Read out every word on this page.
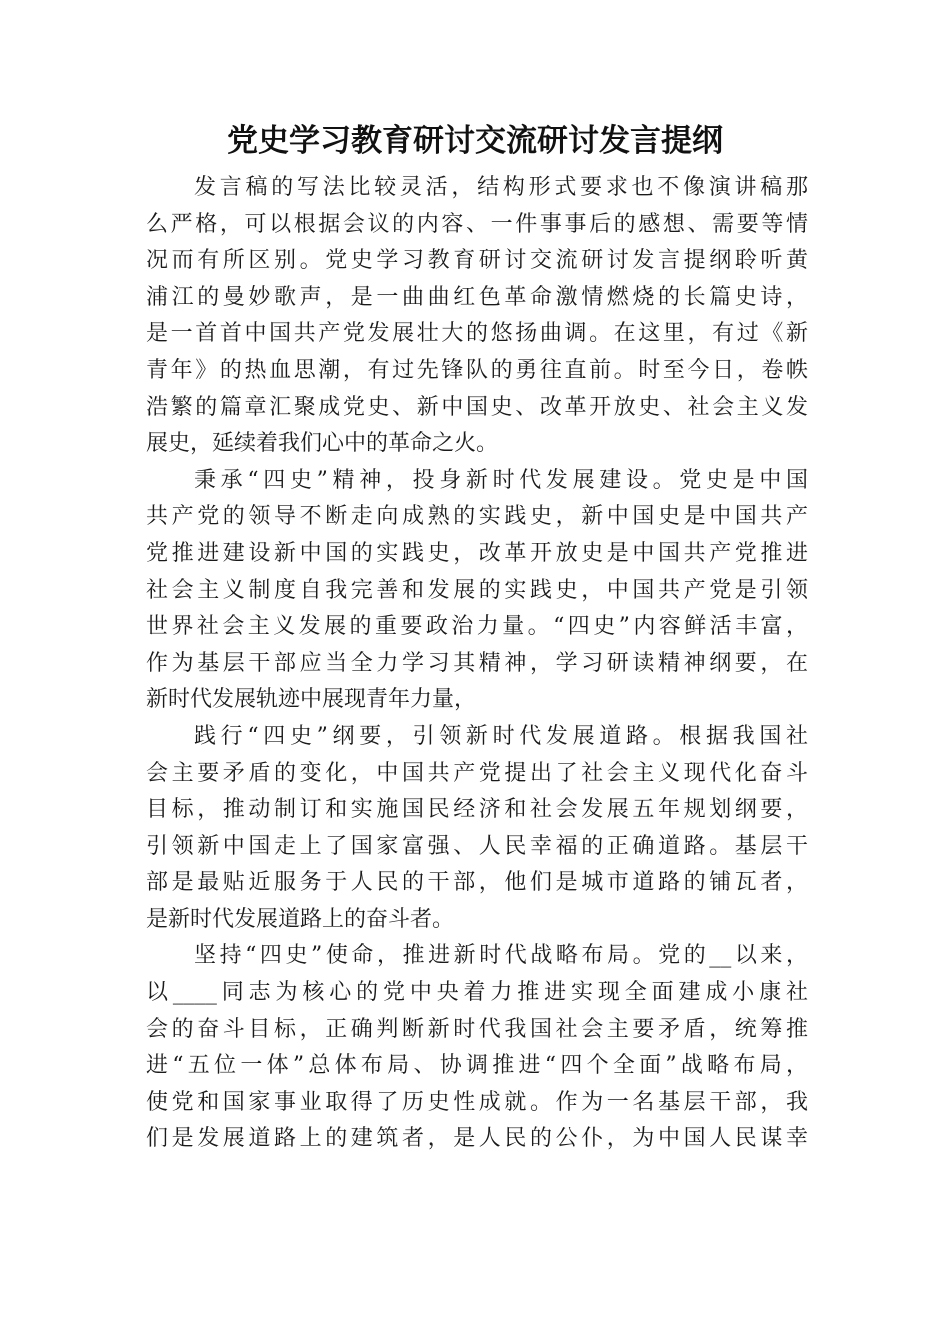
党史学习教育研讨交流研讨发言提纲
发言稿的写法比较灵活，结构形式要求也不像演讲稿那
么严格，可以根据会议的内容、一件事事后的感想、需要等情
况而有所区别。党史学习教育研讨交流研讨发言提纲聆听黄
浦江的曼妙歌声，是一曲曲红色革命激情燃烧的长篇史诗，
是一首首中国共产党发展壮大的悠扬曲调。在这里，有过《新
青年》的热血思潮，有过先锋队的勇往直前。时至今日，卷帙
浩繁的篇章汇聚成党史、新中国史、改革开放史、社会主义发
展史，延续着我们心中的革命之火。
秉承“四史”精神，投身新时代发展建设。党史是中国
共产党的领导不断走向成熟的实践史，新中国史是中国共产
党推进建设新中国的实践史，改革开放史是中国共产党推进
社会主义制度自我完善和发展的实践史，中国共产党是引领
世界社会主义发展的重要政治力量。“四史”内容鲜活丰富，
作为基层干部应当全力学习其精神，学习研读精神纲要，在
新时代发展轨迹中展现青年力量，
践行“四史”纲要，引领新时代发展道路。根据我国社
会主要矛盾的变化，中国共产党提出了社会主义现代化奋斗
目标，推动制订和实施国民经济和社会发展五年规划纲要，
引领新中国走上了国家富强、人民幸福的正确道路。基层干
部是最贴近服务于人民的干部，他们是城市道路的铺瓦者，
是新时代发展道路上的奋斗者。
坚持“四史”使命，推进新时代战略布局。党的__以来，
以____同志为核心的党中央着力推进实现全面建成小康社
会的奋斗目标，正确判断新时代我国社会主要矛盾，统筹推
进“五位一体”总体布局、协调推进“四个全面”战略布局，
使党和国家事业取得了历史性成就。作为一名基层干部，我
们是发展道路上的建筑者，是人民的公仆，为中国人民谋幸
